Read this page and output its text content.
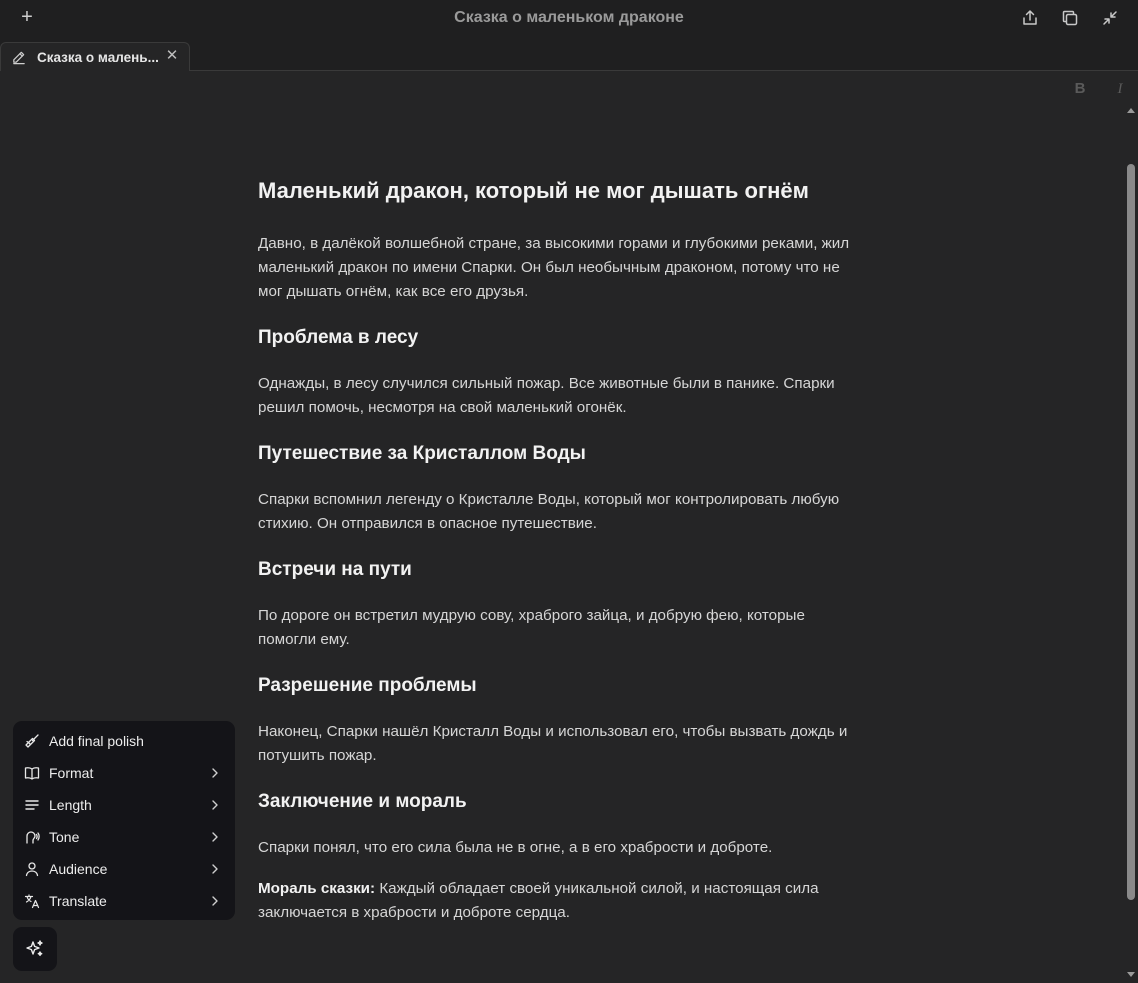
+	Сказка о маленьком драконе
Сказка о малень... ✕
B	I
Маленький дракон, который не мог дышать огнём

Давно, в далёкой волшебной стране, за высокими горами и глубокими реками, жил маленький дракон по имени Спарки. Он был необычным драконом, потому что не мог дышать огнём, как все его друзья.

Проблема в лесу

Однажды, в лесу случился сильный пожар. Все животные были в панике. Спарки решил помочь, несмотря на свой маленький огонёк.

Путешествие за Кристаллом Воды

Спарки вспомнил легенду о Кристалле Воды, который мог контролировать любую стихию. Он отправился в опасное путешествие.

Встречи на пути

По дороге он встретил мудрую сову, храброго зайца, и добрую фею, которые помогли ему.

Разрешение проблемы

Наконец, Спарки нашёл Кристалл Воды и использовал его, чтобы вызвать дождь и потушить пожар.

Заключение и мораль

Спарки понял, что его сила была не в огне, а в его храбрости и доброте.

Мораль сказки: Каждый обладает своей уникальной силой, и настоящая сила заключается в храбрости и доброте сердца.

Add final polish
Format
Length
Tone
Audience
Translate
